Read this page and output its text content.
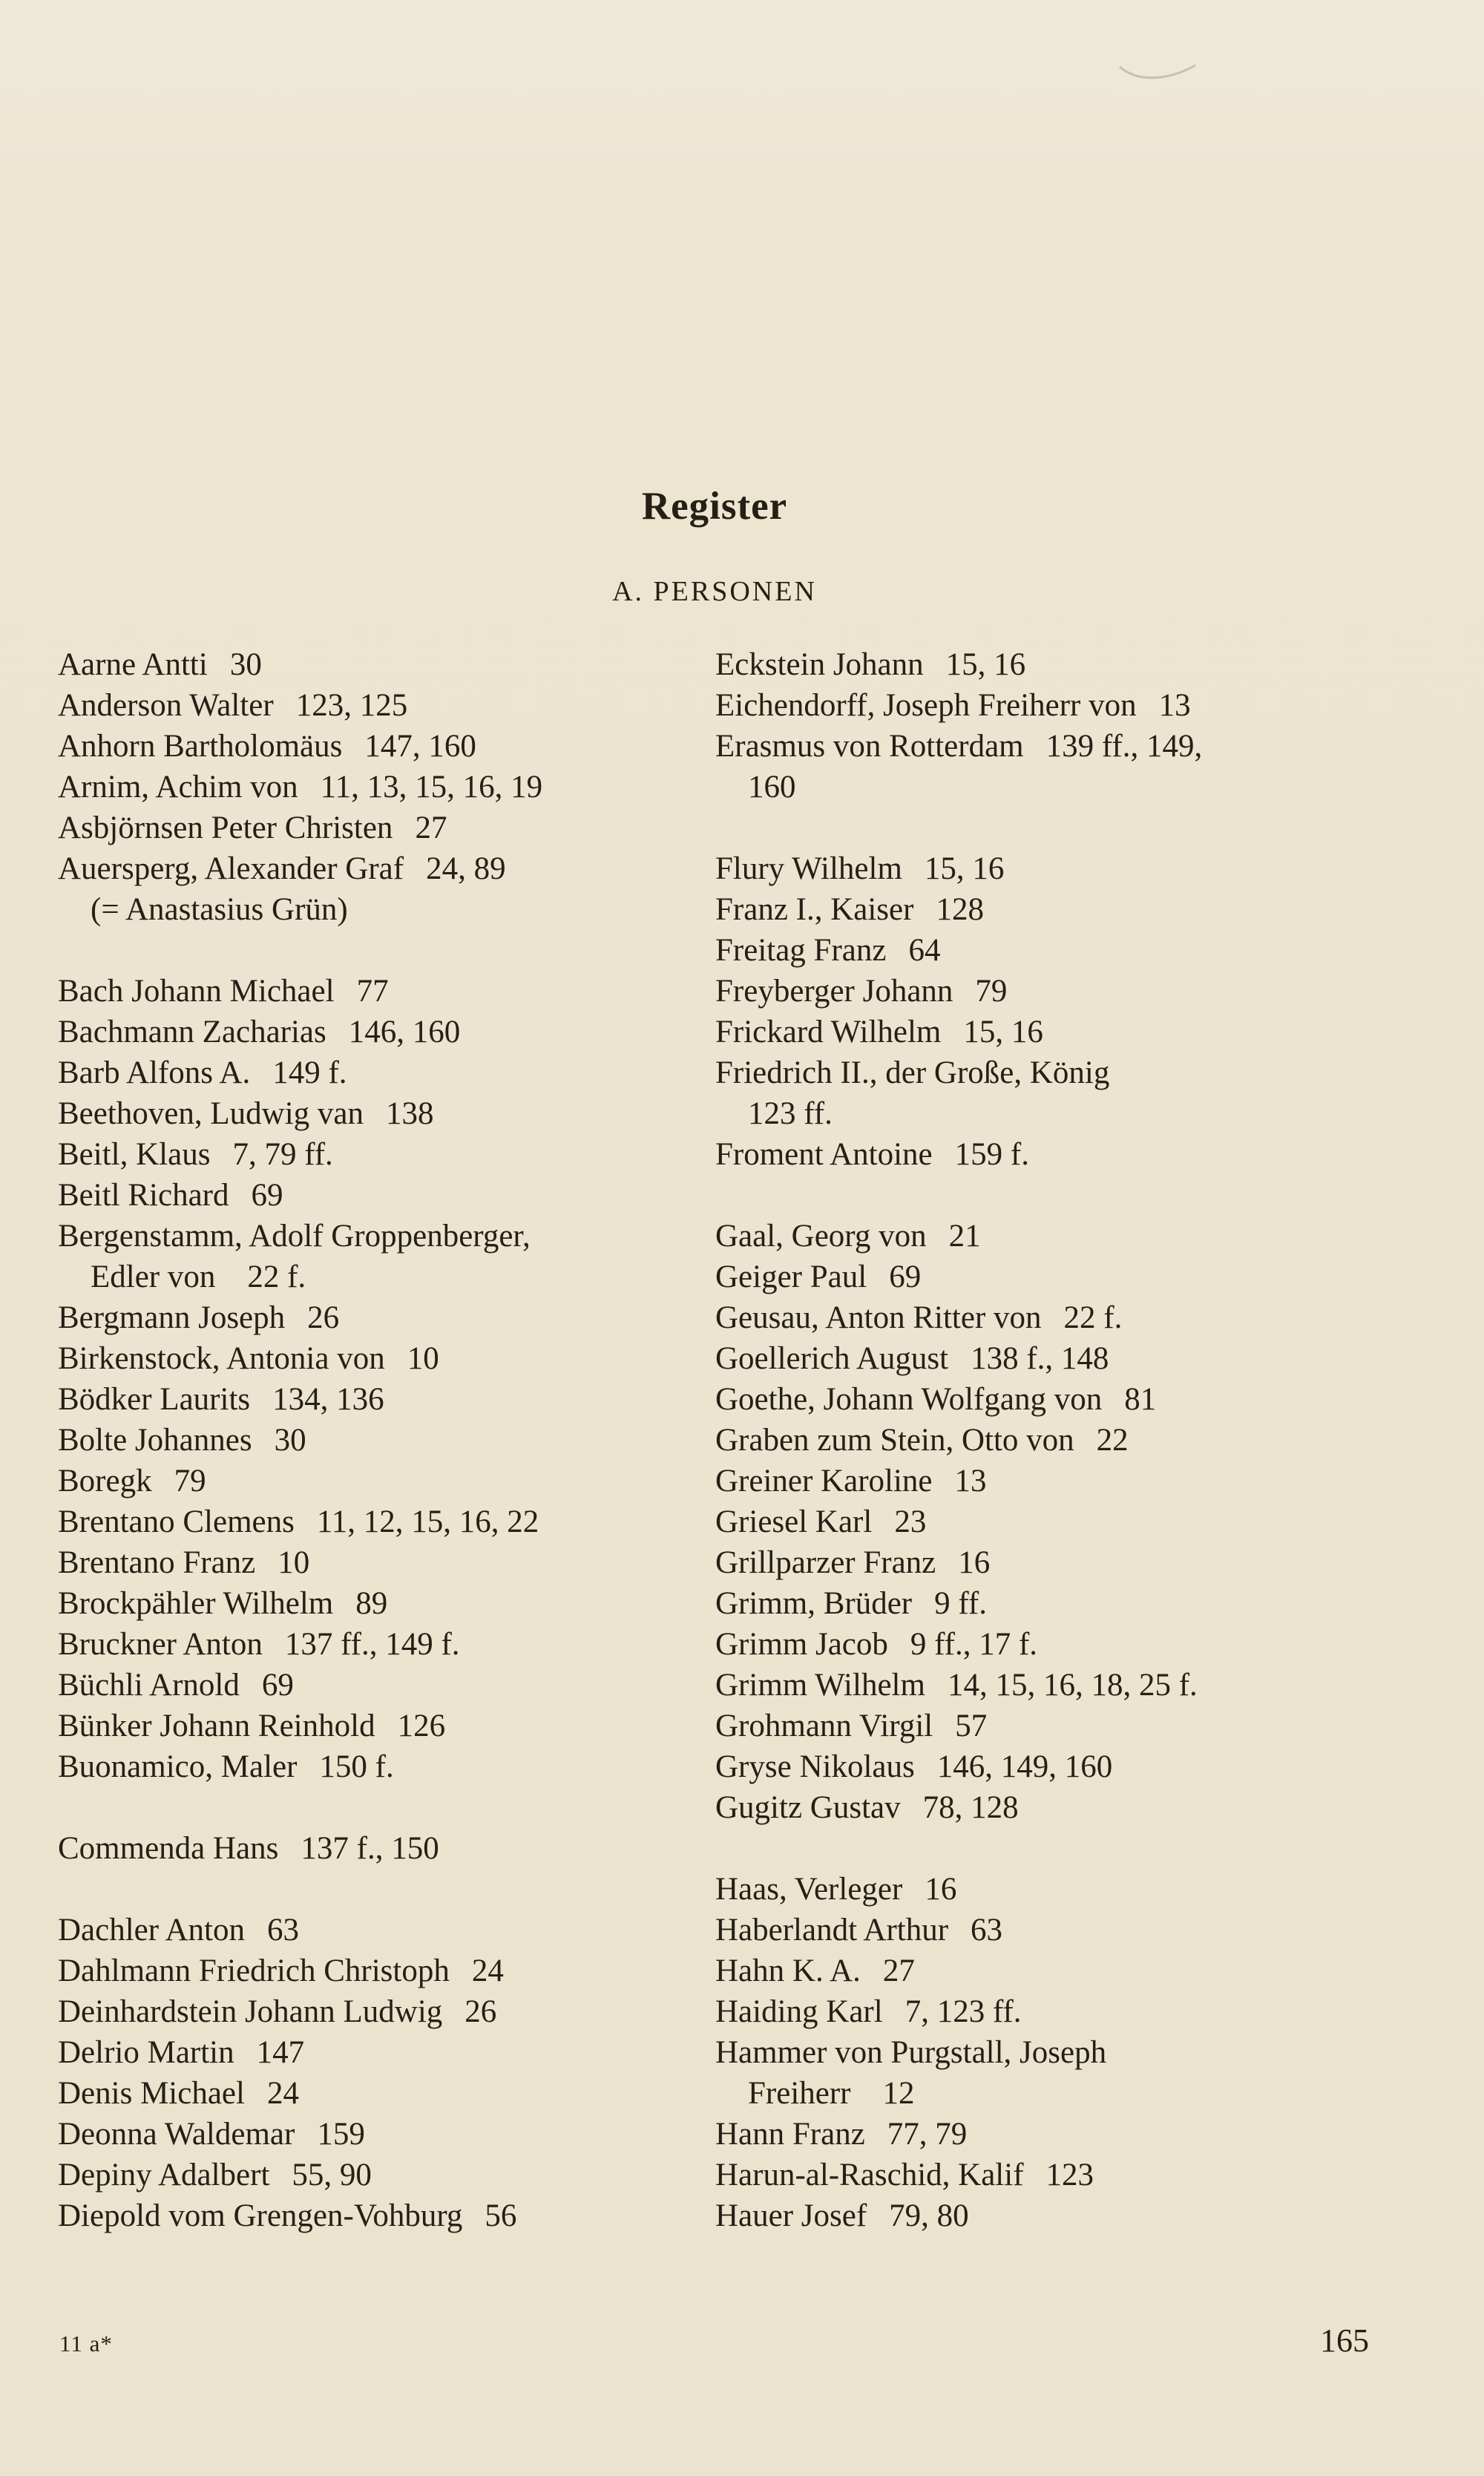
Register
A. PERSONEN
Aarne Antti 30
Anderson Walter 123, 125
Anhorn Bartholomäus 147, 160
Arnim, Achim von 11, 13, 15, 16, 19
Asbjörnsen Peter Christen 27
Auersperg, Alexander Graf 24, 89
(= Anastasius Grün)
Bach Johann Michael 77
Bachmann Zacharias 146, 160
Barb Alfons A. 149 f.
Beethoven, Ludwig van 138
Beitl, Klaus 7, 79 ff.
Beitl Richard 69
Bergenstamm, Adolf Groppenberger,
Edler von 22 f.
Bergmann Joseph 26
Birkenstock, Antonia von 10
Bödker Laurits 134, 136
Bolte Johannes 30
Boregk 79
Brentano Clemens 11, 12, 15, 16, 22
Brentano Franz 10
Brockpähler Wilhelm 89
Bruckner Anton 137 ff., 149 f.
Büchli Arnold 69
Bünker Johann Reinhold 126
Buonamico, Maler 150 f.
Commenda Hans 137 f., 150
Dachler Anton 63
Dahlmann Friedrich Christoph 24
Deinhardstein Johann Ludwig 26
Delrio Martin 147
Denis Michael 24
Deonna Waldemar 159
Depiny Adalbert 55, 90
Diepold vom Grengen-Vohburg 56
Eckstein Johann 15, 16
Eichendorff, Joseph Freiherr von 13
Erasmus von Rotterdam 139 ff., 149,
160
Flury Wilhelm 15, 16
Franz I., Kaiser 128
Freitag Franz 64
Freyberger Johann 79
Frickard Wilhelm 15, 16
Friedrich II., der Große, König
123 ff.
Froment Antoine 159 f.
Gaal, Georg von 21
Geiger Paul 69
Geusau, Anton Ritter von 22 f.
Goellerich August 138 f., 148
Goethe, Johann Wolfgang von 81
Graben zum Stein, Otto von 22
Greiner Karoline 13
Griesel Karl 23
Grillparzer Franz 16
Grimm, Brüder 9 ff.
Grimm Jacob 9 ff., 17 f.
Grimm Wilhelm 14, 15, 16, 18, 25 f.
Grohmann Virgil 57
Gryse Nikolaus 146, 149, 160
Gugitz Gustav 78, 128
Haas, Verleger 16
Haberlandt Arthur 63
Hahn K. A. 27
Haiding Karl 7, 123 ff.
Hammer von Purgstall, Joseph
Freiherr 12
Hann Franz 77, 79
Harun-al-Raschid, Kalif 123
Hauer Josef 79, 80
11 a*	165
